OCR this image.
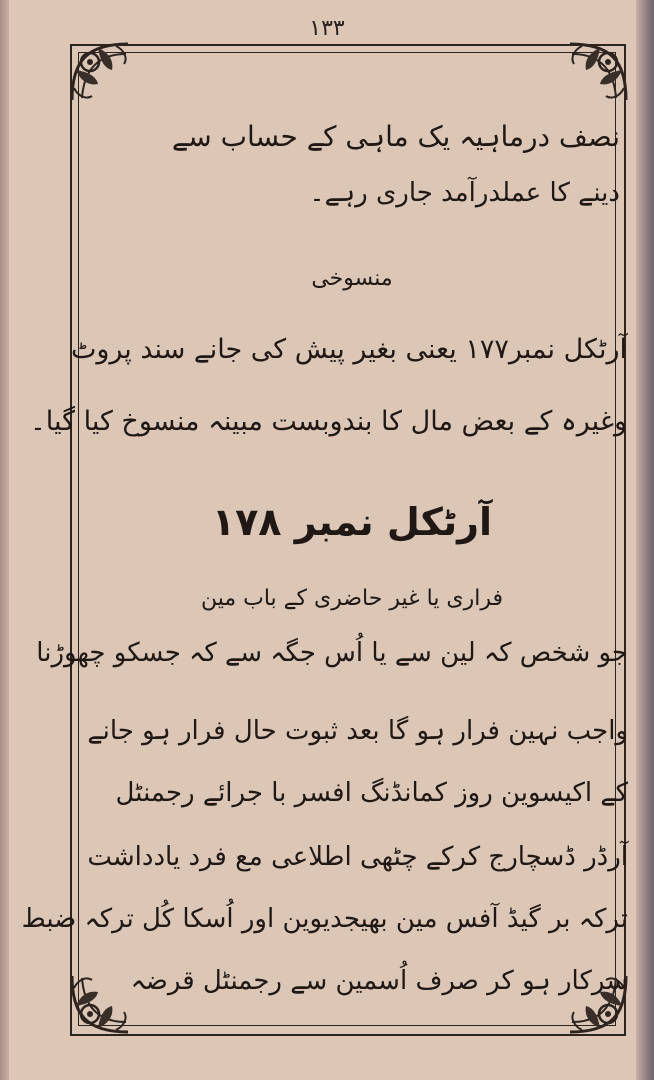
۱۳۳
نصف درماہیہ یک ماہی کے حساب سے
دینے کا عملدرآمد جاری رہے۔
منسوخی
آرٹکل نمبر۱۷۷ یعنی بغیر پیش کی جانے سند پروٹ
وغیرہ کے بعض مال کا بندوبست مبینہ منسوخ کیا گیا۔
آرٹکل نمبر ۱۷۸
فراری یا غیر حاضری کے باب مین
جو شخص کہ لین سے یا اُس جگہ سے کہ جسکو چھوڑنا
واجب نہین فرار ہو گا بعد ثبوت حال فرار ہو جانے
کے اکیسوین روز کمانڈنگ افسر با جرائے رجمنٹل
آرڈر ڈسچارج کرکے چٹھی اطلاعی مع فرد یادداشت
ترکہ بر گیڈ آفس مین بھیجدیوین اور اُسکا کُل ترکہ ضبط
سرکار ہو کر صرف اُسمین سے رجمنٹل قرضہ
